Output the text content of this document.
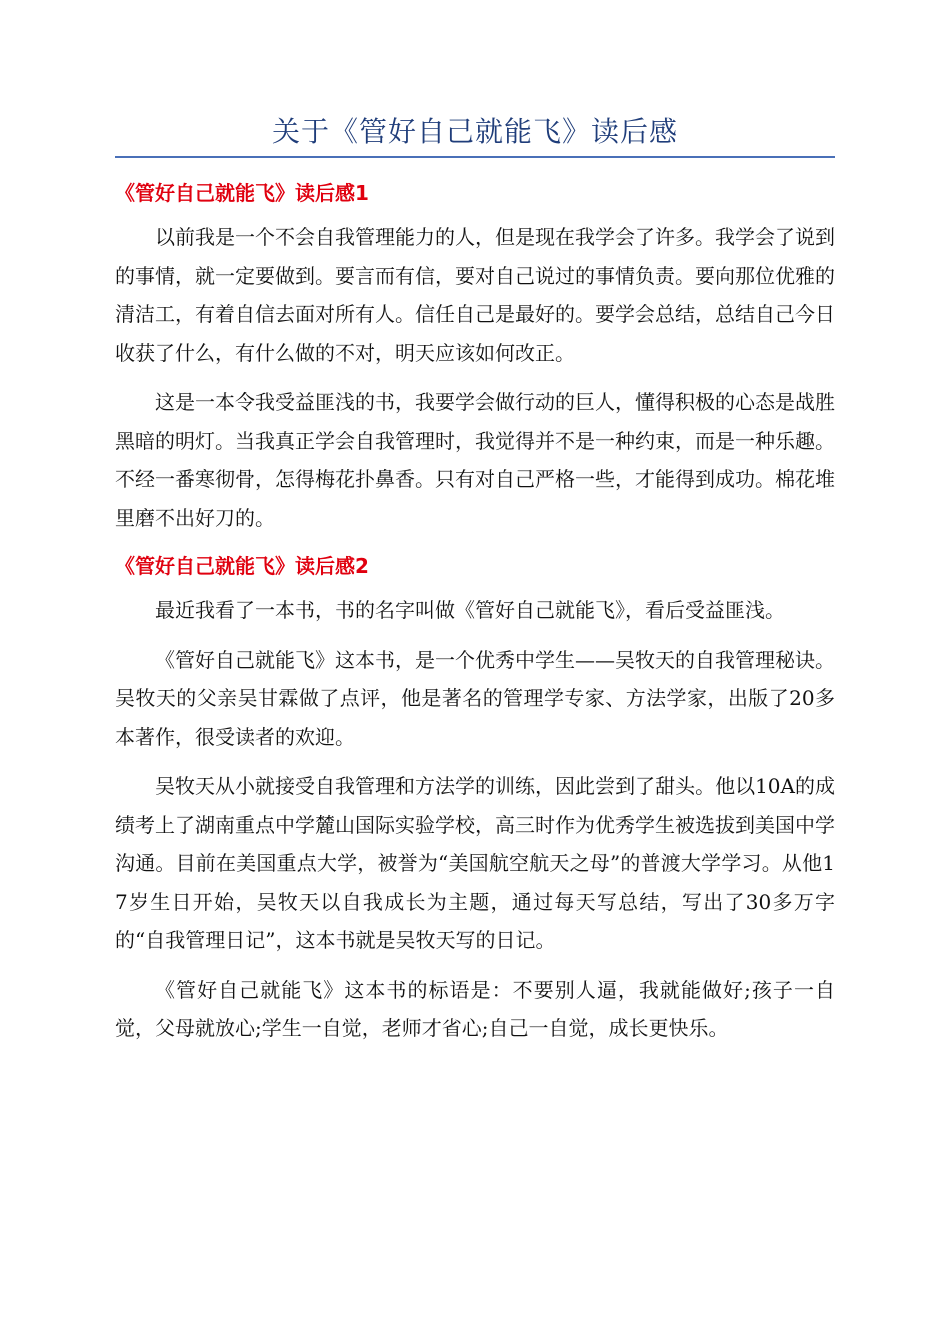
关于《管好自己就能飞》读后感
《管好自己就能飞》读后感1

以前我是一个不会自我管理能力的人，但是现在我学会了许多。我学会了说到的事情，就一定要做到。要言而有信，要对自己说过的事情负责。要向那位优雅的清洁工，有着自信去面对所有人。信任自己是最好的。要学会总结，总结自己今日收获了什么，有什么做的不对，明天应该如何改正。

这是一本令我受益匪浅的书，我要学会做行动的巨人，懂得积极的心态是战胜黑暗的明灯。当我真正学会自我管理时，我觉得并不是一种约束，而是一种乐趣。不经一番寒彻骨，怎得梅花扑鼻香。只有对自己严格一些，才能得到成功。棉花堆里磨不出好刀的。

《管好自己就能飞》读后感2

最近我看了一本书，书的名字叫做《管好自己就能飞》，看后受益匪浅。

《管好自己就能飞》这本书，是一个优秀中学生——吴牧天的自我管理秘诀。吴牧天的父亲吴甘霖做了点评，他是著名的管理学专家、方法学家，出版了20多本著作，很受读者的欢迎。

吴牧天从小就接受自我管理和方法学的训练，因此尝到了甜头。他以10A的成绩考上了湖南重点中学麓山国际实验学校，高三时作为优秀学生被选拔到美国中学沟通。目前在美国重点大学，被誉为“美国航空航天之母”的普渡大学学习。从他17岁生日开始，吴牧天以自我成长为主题，通过每天写总结，写出了30多万字的“自我管理日记”，这本书就是吴牧天写的日记。

《管好自己就能飞》这本书的标语是：不要别人逼，我就能做好;孩子一自觉，父母就放心;学生一自觉，老师才省心;自己一自觉，成长更快乐。
